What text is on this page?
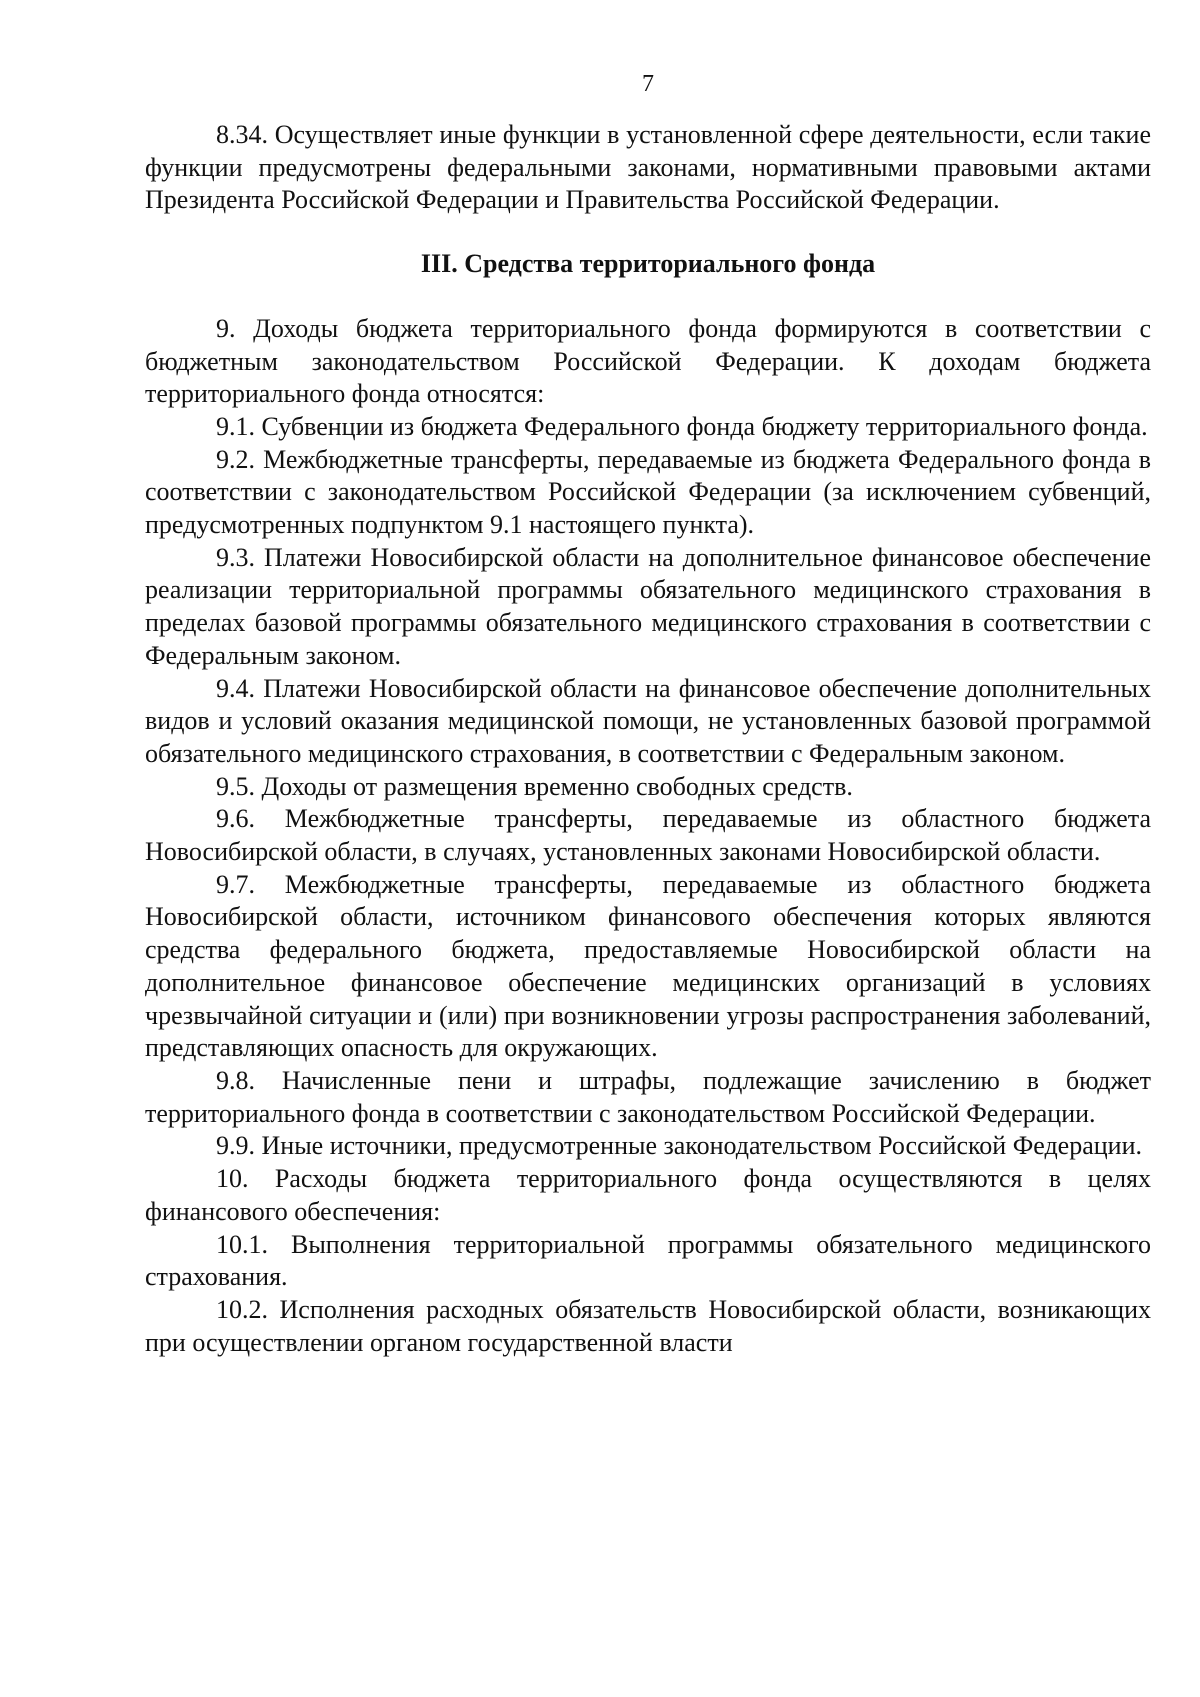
7

8.34. Осуществляет иные функции в установленной сфере деятельности, если такие функции предусмотрены федеральными законами, нормативными правовыми актами Президента Российской Федерации и Правительства Российской Федерации.

III. Средства территориального фонда

9. Доходы бюджета территориального фонда формируются в соответствии с бюджетным законодательством Российской Федерации. К доходам бюджета территориального фонда относятся:

9.1. Субвенции из бюджета Федерального фонда бюджету территориального фонда.

9.2. Межбюджетные трансферты, передаваемые из бюджета Федерального фонда в соответствии с законодательством Российской Федерации (за исключением субвенций, предусмотренных подпунктом 9.1 настоящего пункта).

9.3. Платежи Новосибирской области на дополнительное финансовое обеспечение реализации территориальной программы обязательного медицинского страхования в пределах базовой программы обязательного медицинского страхования в соответствии с Федеральным законом.

9.4. Платежи Новосибирской области на финансовое обеспечение дополнительных видов и условий оказания медицинской помощи, не установленных базовой программой обязательного медицинского страхования, в соответствии с Федеральным законом.

9.5. Доходы от размещения временно свободных средств.

9.6. Межбюджетные трансферты, передаваемые из областного бюджета Новосибирской области, в случаях, установленных законами Новосибирской области.

9.7. Межбюджетные трансферты, передаваемые из областного бюджета Новосибирской области, источником финансового обеспечения которых являются средства федерального бюджета, предоставляемые Новосибирской области на дополнительное финансовое обеспечение медицинских организаций в условиях чрезвычайной ситуации и (или) при возникновении угрозы распространения заболеваний, представляющих опасность для окружающих.

9.8. Начисленные пени и штрафы, подлежащие зачислению в бюджет территориального фонда в соответствии с законодательством Российской Федерации.

9.9. Иные источники, предусмотренные законодательством Российской Федерации.

10. Расходы бюджета территориального фонда осуществляются в целях финансового обеспечения:

10.1. Выполнения территориальной программы обязательного медицинского страхования.

10.2. Исполнения расходных обязательств Новосибирской области, возникающих при осуществлении органом государственной власти
